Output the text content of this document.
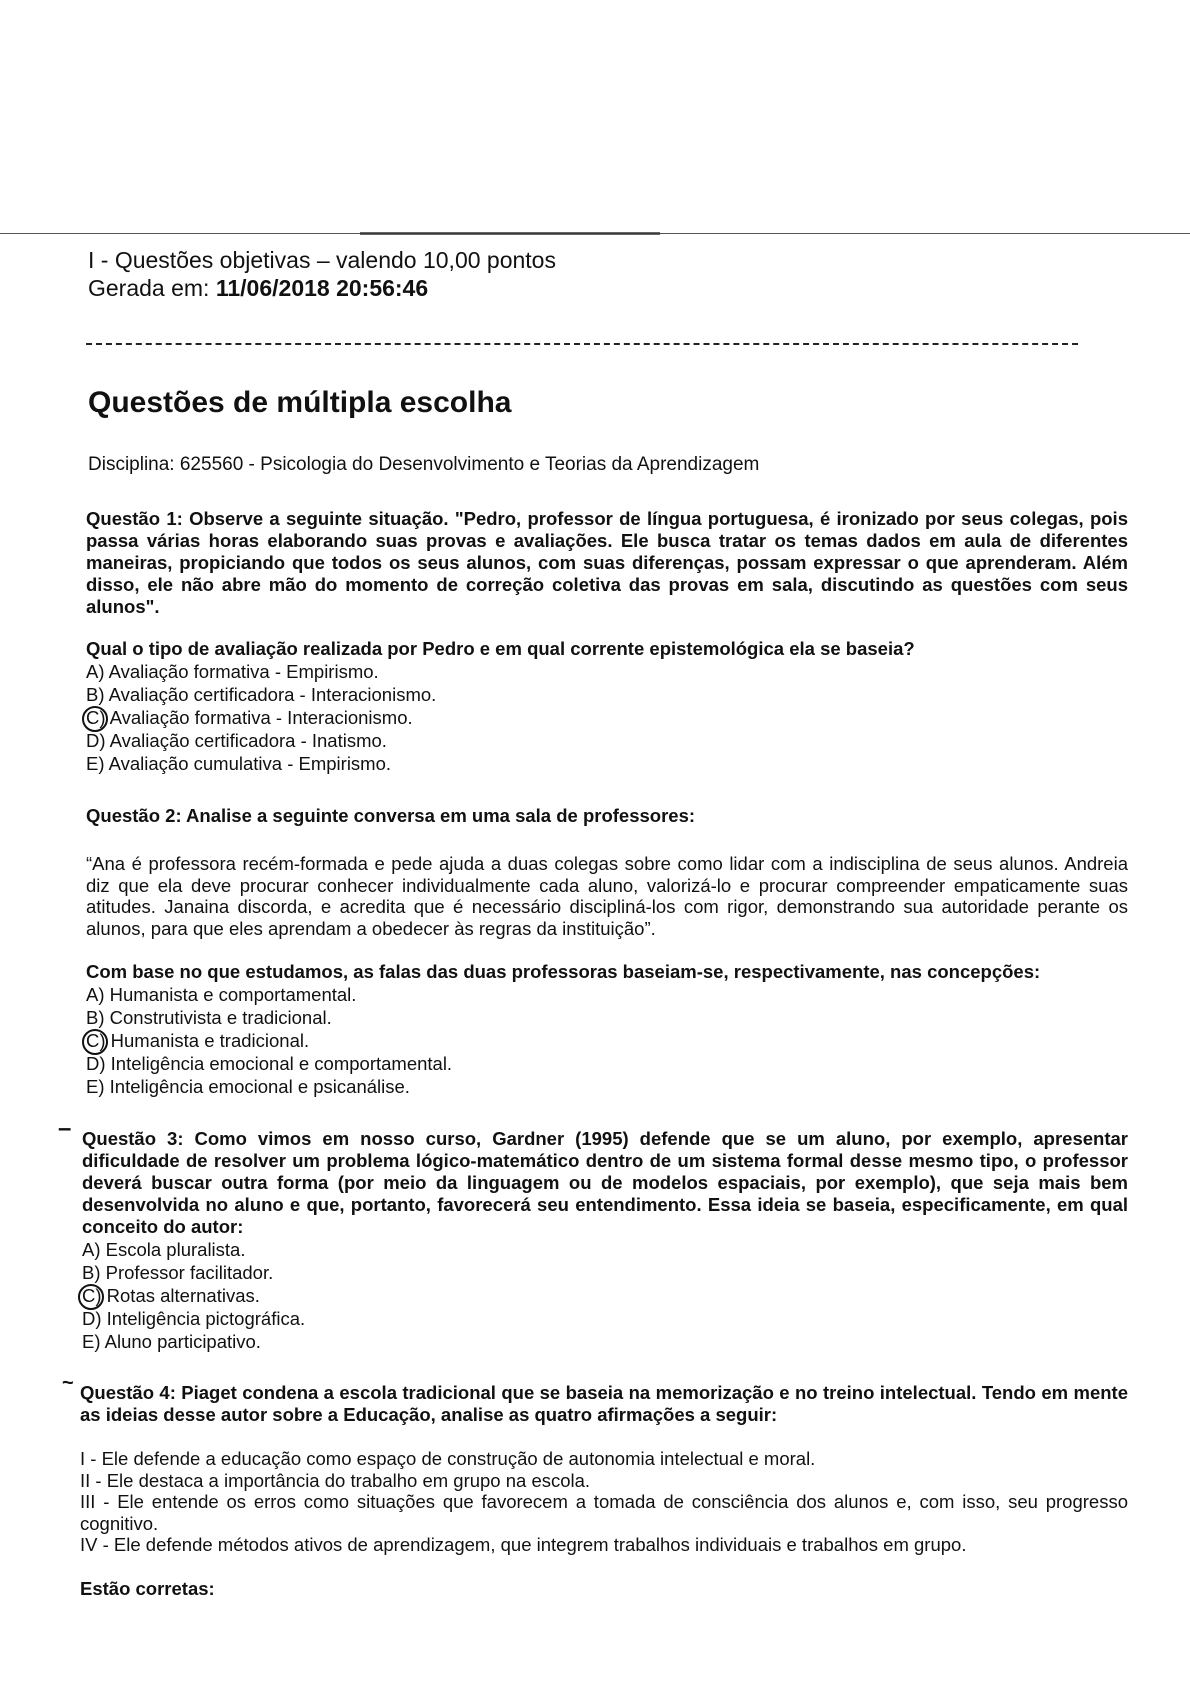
I - Questões objetivas – valendo 10,00 pontos
Gerada em: 11/06/2018 20:56:46
Questões de múltipla escolha
Disciplina: 625560 - Psicologia do Desenvolvimento e Teorias da Aprendizagem

Questão 1: Observe a seguinte situação. "Pedro, professor de língua portuguesa, é ironizado por seus colegas, pois passa várias horas elaborando suas provas e avaliações. Ele busca tratar os temas dados em aula de diferentes maneiras, propiciando que todos os seus alunos, com suas diferenças, possam expressar o que aprenderam. Além disso, ele não abre mão do momento de correção coletiva das provas em sala, discutindo as questões com seus alunos".

Qual o tipo de avaliação realizada por Pedro e em qual corrente epistemológica ela se baseia?

A) Avaliação formativa - Empirismo.
B) Avaliação certificadora - Interacionismo.
C) Avaliação formativa - Interacionismo.
D) Avaliação certificadora - Inatismo.
E) Avaliação cumulativa - Empirismo.

Questão 2: Analise a seguinte conversa em uma sala de professores:

“Ana é professora recém-formada e pede ajuda a duas colegas sobre como lidar com a indisciplina de seus alunos. Andreia diz que ela deve procurar conhecer individualmente cada aluno, valorizá-lo e procurar compreender empaticamente suas atitudes. Janaina discorda, e acredita que é necessário discipliná-los com rigor, demonstrando sua autoridade perante os alunos, para que eles aprendam a obedecer às regras da instituição”.

Com base no que estudamos, as falas das duas professoras baseiam-se, respectivamente, nas concepções:

A) Humanista e comportamental.
B) Construtivista e tradicional.
C) Humanista e tradicional.
D) Inteligência emocional e comportamental.
E) Inteligência emocional e psicanálise.
– Questão 3: Como vimos em nosso curso, Gardner (1995) defende que se um aluno, por exemplo, apresentar dificuldade de resolver um problema lógico-matemático dentro de um sistema formal desse mesmo tipo, o professor deverá buscar outra forma (por meio da linguagem ou de modelos espaciais, por exemplo), que seja mais bem desenvolvida no aluno e que, portanto, favorecerá seu entendimento. Essa ideia se baseia, especificamente, em qual conceito do autor:

A) Escola pluralista.
B) Professor facilitador.
C) Rotas alternativas.
D) Inteligência pictográfica.
E) Aluno participativo.
~ Questão 4: Piaget condena a escola tradicional que se baseia na memorização e no treino intelectual. Tendo em mente as ideias desse autor sobre a Educação, analise as quatro afirmações a seguir:

I - Ele defende a educação como espaço de construção de autonomia intelectual e moral.

II - Ele destaca a importância do trabalho em grupo na escola.

III - Ele entende os erros como situações que favorecem a tomada de consciência dos alunos e, com isso, seu progresso cognitivo.

IV - Ele defende métodos ativos de aprendizagem, que integrem trabalhos individuais e trabalhos em grupo.

Estão corretas:
